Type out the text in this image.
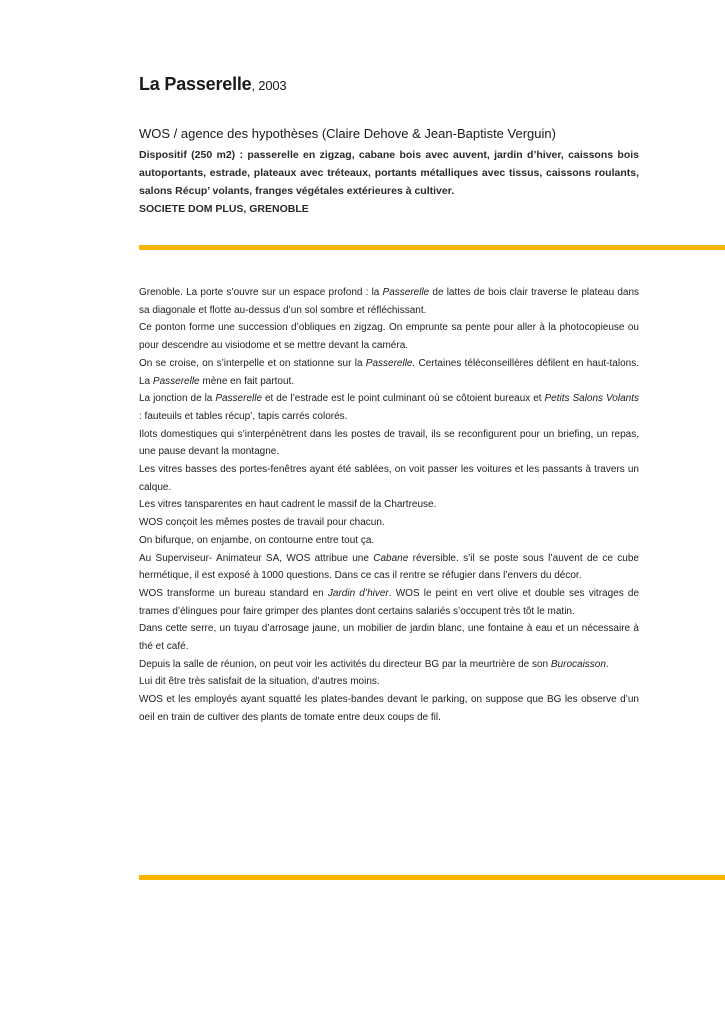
La Passerelle, 2003
WOS / agence des hypothèses (Claire Dehove & Jean-Baptiste Verguin)

Dispositif (250 m2) : passerelle en zigzag, cabane bois avec auvent, jardin d’hiver, caissons bois autoportants, estrade, plateaux avec tréteaux, portants métalliques avec tissus, caissons roulants, salons Récup’ volants, franges végétales extérieures à cultiver.

SOCIETE DOM PLUS, GRENOBLE

Grenoble. La porte s’ouvre sur un espace profond : la Passerelle de lattes de bois clair traverse le plateau dans sa diagonale et flotte au-dessus d’un sol sombre et réfléchissant.

Ce ponton forme une succession d’obliques en zigzag. On emprunte sa pente pour aller à la photocopieuse ou pour descendre au visiodome et se mettre devant la caméra.

On se croise, on s’interpelle et on stationne sur la Passerelle. Certaines téléconseillères défilent en haut-talons. La Passerelle mène en fait partout.

La jonction de la Passerelle et de l’estrade est le point culminant où se côtoient bureaux et Petits Salons Volants : fauteuils et tables récup’, tapis carrés colorés.

Ilots domestiques qui s’interpénètrent dans les postes de travail, ils se reconfigurent pour un briefing, un repas, une pause devant la montagne.

Les vitres basses des portes-fenêtres ayant été sablées, on voit passer les voitures et les passants à travers un calque.

Les vitres tansparentes en haut cadrent le massif de la Chartreuse.

WOS conçoit les mêmes postes de travail pour chacun.

On bifurque, on enjambe, on contourne entre tout ça.

Au Superviseur- Animateur SA, WOS attribue une Cabane réversible. s’il se poste sous l’auvent de ce cube hermétique, il est exposé à 1000 questions. Dans ce cas il rentre se réfugier dans l’envers du décor.

WOS transforme un bureau standard en Jardin d’hiver. WOS le peint en vert olive et double ses vitrages de trames d’élingues pour faire grimper des plantes dont certains salariés s’occupent très tôt le matin.

Dans cette serre, un tuyau d’arrosage jaune, un mobilier de jardin blanc, une fontaine à eau et un nécessaire à thé et café.

Depuis la salle de réunion, on peut voir les activités du directeur BG par la meurtrière de son Burocaisson.

Lui dit être très satisfait de la situation, d’autres moins.

WOS et les employés ayant squatté les plates-bandes devant le parking, on suppose que BG les observe d’un oeil en train de cultiver des plants de tomate entre deux coups de fil.
